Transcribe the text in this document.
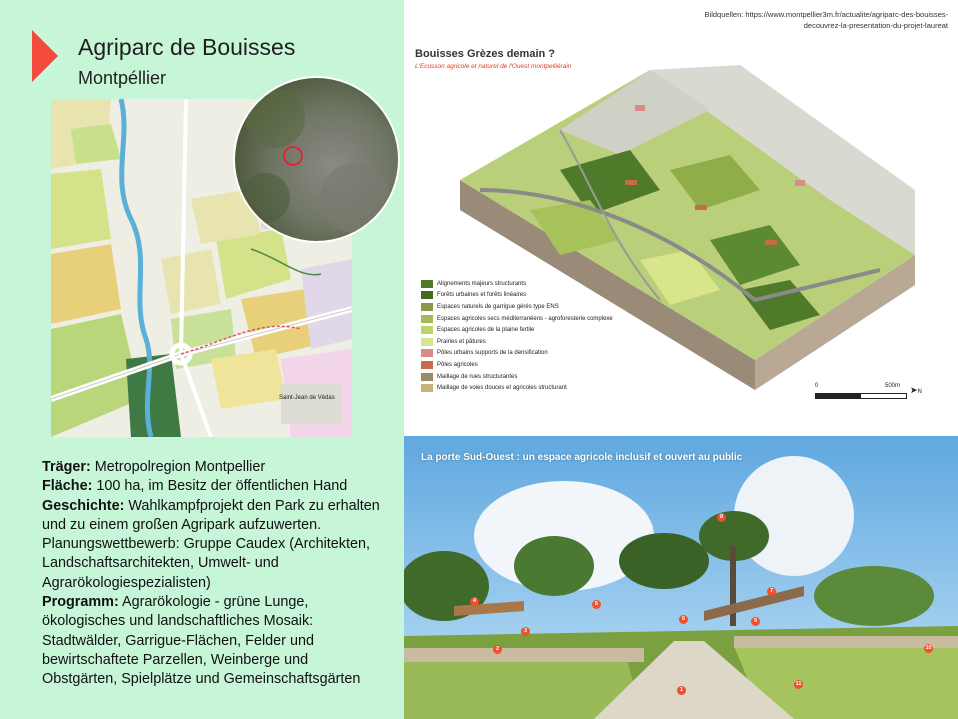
Agriparc de Bouisses
Montpéllier
Saint-Jean de Védas
Träger: Metropolregion Montpellier
Fläche: 100 ha, im Besitz der öffentlichen Hand
Geschichte: Wahlkampfprojekt den Park zu erhalten
und zu einem großen Agripark aufzuwerten.
Planungswettbewerb: Gruppe Caudex (Architekten,
Landschaftsarchitekten, Umwelt- und
Agrarökologiespezialisten)
Programm: Agrarökologie - grüne Lunge,
ökologisches und landschaftliches Mosaik:
Stadtwälder, Garrigue-Flächen, Felder und
bewirtschaftete Parzellen, Weinberge und
Obstgärten, Spielplätze und Gemeinschaftsgärten
Bildquellen: https://www.montpellier3m.fr/actualite/agriparc-des-bouisses-
decouvrez-la-presentation-du-projet-laureat
Bouisses Grèzes demain ?
L'Ecusson agricole et naturel de l'Ouest montpelliérain
Alignements majeurs structurants
Forêts urbaines et forêts linéaires
Espaces naturels de garrigue gérés type ENS
Espaces agricoles secs méditerranéens - agroforesterie complexe
Espaces agricoles de la plaine fertile
Prairies et pâtures
Pôles urbains supports de la densification
Pôles agricoles
Maillage de rues structurantes
Maillage de voies douces et agricoles structurant	0	500m ➤N
La porte Sud-Ouest : un espace agricole inclusif et ouvert au public
1
2
3
4	5
6
7
8
9
10
11
